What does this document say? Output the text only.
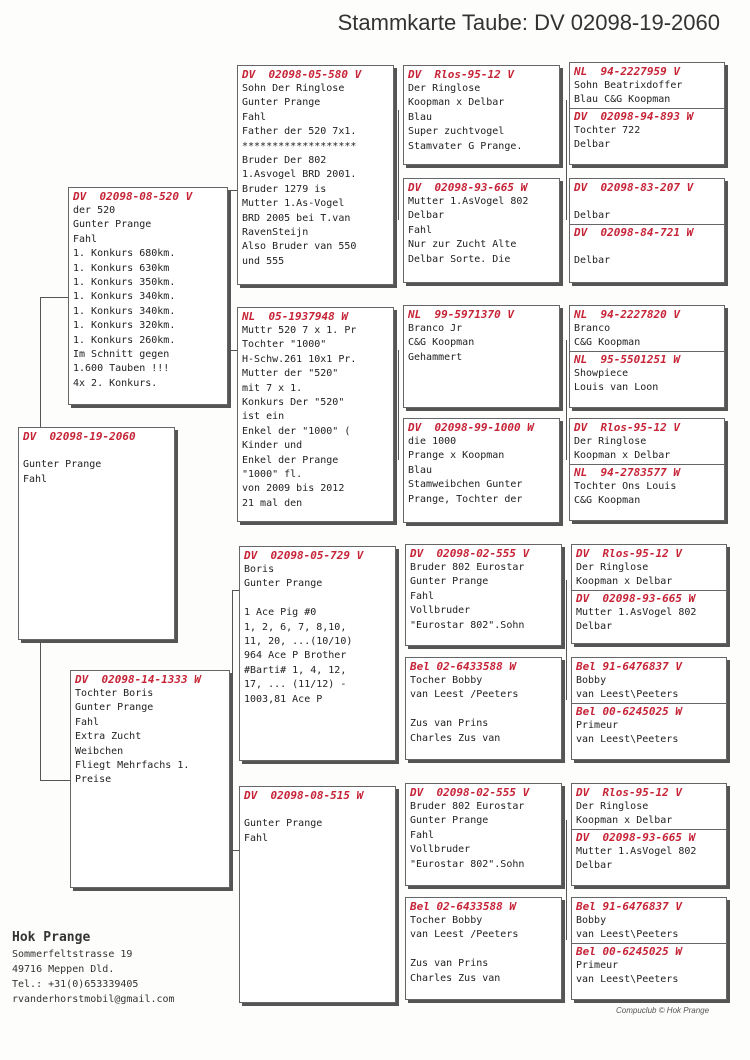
Stammkarte Taube: DV 02098-19-2060
DV  02098-19-2060

Gunter Prange
Fahl
DV  02098-08-520 V
der 520
Gunter Prange
Fahl
1. Konkurs 680km.
1. Konkurs 630km
1. Konkurs 350km.
1. Konkurs 340km.
1. Konkurs 340km.
1. Konkurs 320km.
1. Konkurs 260km.
Im Schnitt gegen
1.600 Tauben !!!
4x 2. Konkurs.
DV  02098-14-1333 W
Tochter Boris
Gunter Prange
Fahl
Extra Zucht
Weibchen
Fliegt Mehrfachs 1.
Preise
DV  02098-05-580 V
Sohn Der Ringlose
Gunter Prange
Fahl
Father der 520 7x1.
*******************
Bruder Der 802
1.Asvogel BRD 2001.
Bruder 1279 is
Mutter 1.As-Vogel
BRD 2005 bei T.van
RavenSteijn
Also Bruder van 550
und 555
NL  05-1937948 W
Muttr 520 7 x 1. Pr
Tochter "1000"
H-Schw.261 10x1 Pr.
Mutter der "520"
mit 7 x 1.
Konkurs Der "520"
ist ein
Enkel der "1000" (
Kinder und
Enkel der Prange
"1000" fl.
von 2009 bis 2012
21 mal den
DV  02098-05-729 V
Boris
Gunter Prange

1 Ace Pig #0
1, 2, 6, 7, 8,10,
11, 20, ...(10/10)
964 Ace P Brother
#Barti# 1, 4, 12,
17, ... (11/12) -
1003,81 Ace P
DV  02098-08-515 W

Gunter Prange
Fahl
DV  Rlos-95-12 V
Der Ringlose
Koopman x Delbar
Blau
Super zuchtvogel
Stamvater G Prange.
DV  02098-93-665 W
Mutter 1.AsVogel 802
Delbar
Fahl
Nur zur Zucht Alte
Delbar Sorte. Die
NL  99-5971370 V
Branco Jr
C&G Koopman
Gehammert
DV  02098-99-1000 W
die 1000
Prange x Koopman
Blau
Stamweibchen Gunter
Prange, Tochter der
DV  02098-02-555 V
Bruder 802 Eurostar
Gunter Prange
Fahl
Vollbruder
"Eurostar 802".Sohn
Bel 02-6433588 W
Tocher Bobby
van Leest /Peeters

Zus van Prins
Charles Zus van
DV  02098-02-555 V
Bruder 802 Eurostar
Gunter Prange
Fahl
Vollbruder
"Eurostar 802".Sohn
Bel 02-6433588 W
Tocher Bobby
van Leest /Peeters

Zus van Prins
Charles Zus van
NL  94-2227959 V
Sohn Beatrixdoffer
Blau C&G Koopman
DV  02098-94-893 W
Tochter 722
Delbar
DV  02098-83-207 V

Delbar
DV  02098-84-721 W

Delbar
NL  94-2227820 V
Branco
C&G Koopman
NL  95-5501251 W
Showpiece
Louis van Loon
DV  Rlos-95-12 V
Der Ringlose
Koopman x Delbar
NL  94-2783577 W
Tochter Ons Louis
C&G Koopman
DV  Rlos-95-12 V
Der Ringlose
Koopman x Delbar
DV  02098-93-665 W
Mutter 1.AsVogel 802
Delbar
Bel 91-6476837 V
Bobby
van Leest\Peeters
Bel 00-6245025 W
Primeur
van Leest\Peeters
DV  Rlos-95-12 V
Der Ringlose
Koopman x Delbar
DV  02098-93-665 W
Mutter 1.AsVogel 802
Delbar
Bel 91-6476837 V
Bobby
van Leest\Peeters
Bel 00-6245025 W
Primeur
van Leest\Peeters
Hok Prange
Sommerfeltstrasse 19
49716 Meppen Dld.
Tel.: +31(0)653339405
rvanderhorstmobil@gmail.com
Compuclub © Hok Prange
